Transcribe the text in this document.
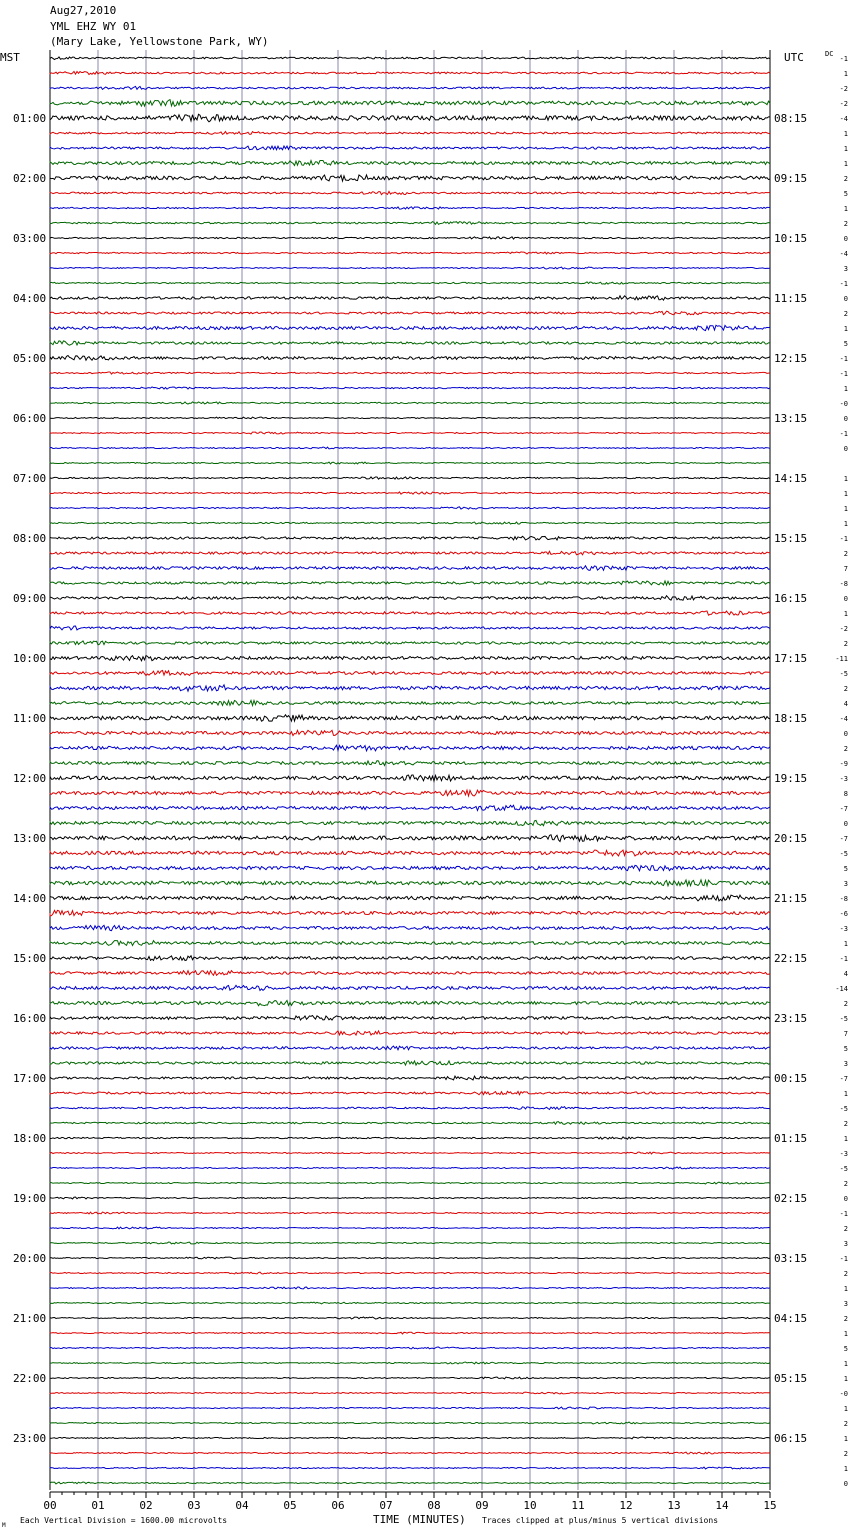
Aug27,2010
YML EHZ WY 01
(Mary Lake, Yellowstone Park, WY)
-1
1
-2
-2
-4
1
1
1
2
5
1
2
0
-4
3
-1
0
2
1
5
-1
-1
1
-0
0
-1
0
1
1
1
1
-1
2
7
-8
0
1
-2
2
-11
-5
2
4
-4
0
2
-9
-3
8
-7
0
-7
-5
5
3
-8
-6
-3
1
-1
4
-14
2
-5
7
5
3
-7
1
-5
2
1
-3
-5
2
0
-1
2
3
-1
2
1
3
2
1
5
1
1
-0
1
2
1
2
1
0
01:00
02:00
03:00
04:00
05:00
06:00
07:00
08:00
09:00
10:00
11:00
12:00
13:00
14:00
15:00
16:00
17:00
18:00
19:00
20:00
21:00
22:00
23:00
08:15
09:15
10:15
11:15
12:15
13:15
14:15
15:15
16:15
17:15
18:15
19:15
20:15
21:15
22:15
23:15
00:15
01:15
02:15
03:15
04:15
05:15
06:15
MST	UTC	DC
00	01	02	03	04	05	06	07	08	09	10	11	12	13	14	15
TIME (MINUTES)
Each Vertical Division = 1600.00 microvolts	Traces clipped at plus/minus 5 vertical divisions
M
